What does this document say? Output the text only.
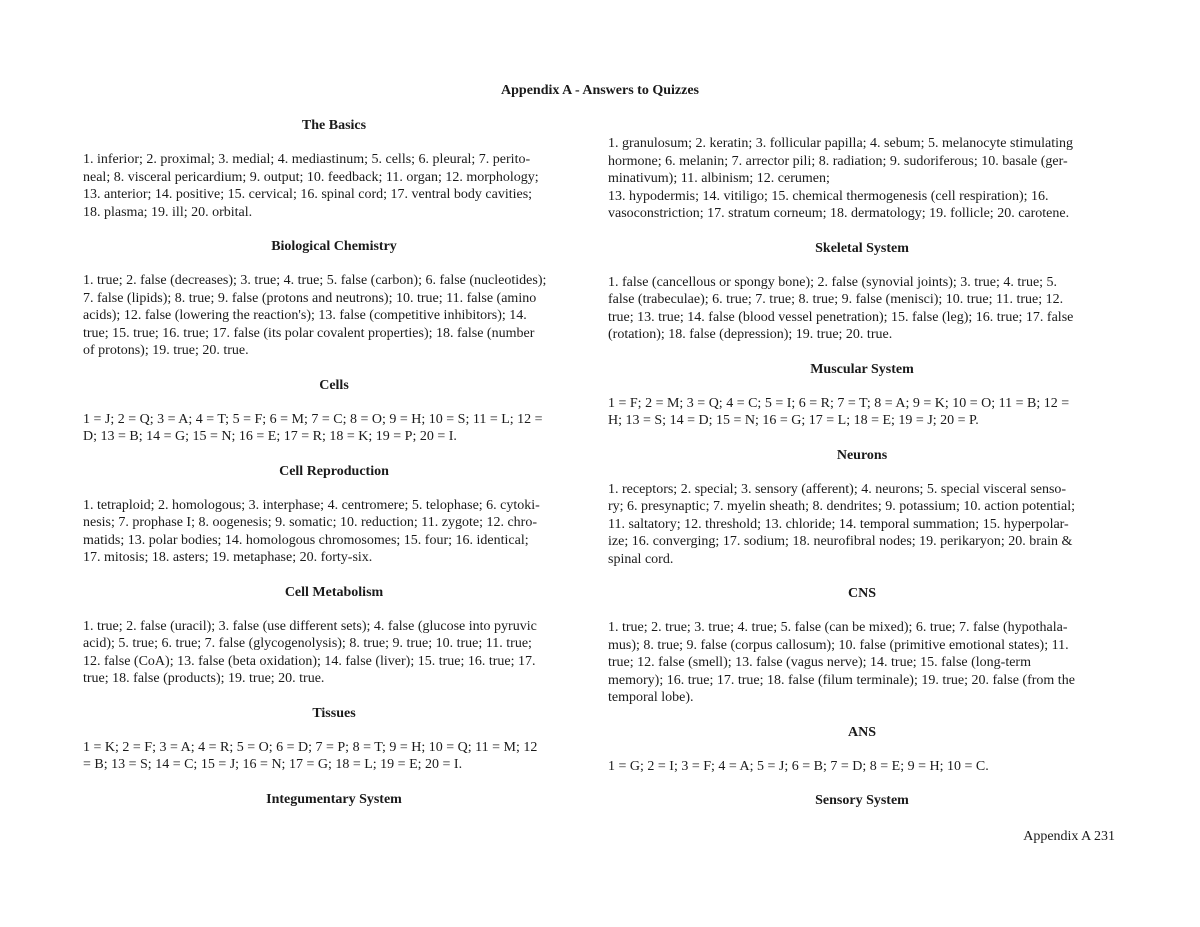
Appendix A - Answers to Quizzes
The Basics
1. inferior; 2. proximal; 3. medial; 4. mediastinum; 5. cells; 6. pleural; 7. perito-
neal; 8. visceral pericardium; 9. output; 10. feedback; 11. organ; 12. morphology;
13. anterior; 14. positive; 15. cervical; 16. spinal cord; 17. ventral body cavities;
18. plasma; 19. ill; 20. orbital.
Biological Chemistry
1. true; 2. false (decreases); 3. true; 4. true; 5. false (carbon); 6. false (nucleotides);
7. false (lipids); 8. true; 9. false (protons and neutrons); 10. true; 11. false (amino
acids); 12. false (lowering the reaction's); 13. false (competitive inhibitors); 14.
true; 15. true; 16. true; 17. false (its polar covalent properties); 18. false (number
of protons); 19. true; 20. true.
Cells
1 = J; 2 = Q; 3 = A; 4 = T; 5 = F; 6 = M; 7 = C; 8 = O; 9 = H; 10 = S; 11 = L; 12 =
D; 13 = B; 14 = G; 15 = N; 16 = E; 17 = R; 18 = K; 19 = P; 20 = I.
Cell Reproduction
1. tetraploid; 2. homologous; 3. interphase; 4. centromere; 5. telophase; 6. cytoki-
nesis; 7. prophase I; 8. oogenesis; 9. somatic; 10. reduction; 11. zygote; 12. chro-
matids; 13. polar bodies; 14. homologous chromosomes; 15. four; 16. identical;
17. mitosis; 18. asters; 19. metaphase; 20. forty-six.
Cell Metabolism
1. true; 2. false (uracil); 3. false (use different sets); 4. false (glucose into pyruvic
acid); 5. true; 6. true; 7. false (glycogenolysis); 8. true; 9. true; 10. true; 11. true;
12. false (CoA); 13. false (beta oxidation); 14. false (liver); 15. true; 16. true; 17.
true; 18. false (products); 19. true; 20. true.
Tissues
1 = K; 2 = F; 3 = A; 4 = R; 5 = O; 6 = D; 7 = P; 8 = T; 9 = H; 10 = Q; 11 = M; 12
= B; 13 = S; 14 = C; 15 = J; 16 = N; 17 = G; 18 = L; 19 = E; 20 = I.
Integumentary System
1. granulosum; 2. keratin; 3. follicular papilla; 4. sebum; 5. melanocyte stimulating
hormone; 6. melanin; 7. arrector pili; 8. radiation; 9. sudoriferous; 10. basale (ger-
minativum); 11. albinism; 12. cerumen;
13. hypodermis; 14. vitiligo; 15. chemical thermogenesis (cell respiration); 16.
vasoconstriction; 17. stratum corneum; 18. dermatology; 19. follicle; 20. carotene.
Skeletal System
1. false (cancellous or spongy bone); 2. false (synovial joints); 3. true; 4. true; 5.
false (trabeculae); 6. true; 7. true; 8. true; 9. false (menisci); 10. true; 11. true; 12.
true; 13. true; 14. false (blood vessel penetration); 15. false (leg); 16. true; 17. false
(rotation); 18. false (depression); 19. true; 20. true.
Muscular System
1 = F; 2 = M; 3 = Q; 4 = C; 5 = I; 6 = R; 7 = T; 8 = A; 9 = K; 10 = O; 11 = B; 12 =
H; 13 = S; 14 = D; 15 = N; 16 = G; 17 = L; 18 = E; 19 = J; 20 = P.
Neurons
1. receptors; 2. special; 3. sensory (afferent); 4. neurons; 5. special visceral senso-
ry; 6. presynaptic; 7. myelin sheath; 8. dendrites; 9. potassium; 10. action potential;
11. saltatory; 12. threshold; 13. chloride; 14. temporal summation; 15. hyperpolar-
ize; 16. converging; 17. sodium; 18. neurofibral nodes; 19. perikaryon; 20. brain &
spinal cord.
CNS
1. true; 2. true; 3. true; 4. true; 5. false (can be mixed); 6. true; 7. false (hypothala-
mus); 8. true; 9. false (corpus callosum); 10. false (primitive emotional states); 11.
true; 12. false (smell); 13. false (vagus nerve); 14. true; 15. false (long-term
memory); 16. true; 17. true; 18. false (filum terminale); 19. true; 20. false (from the
temporal lobe).
ANS
1 = G; 2 = I; 3 = F; 4 = A; 5 = J; 6 = B; 7 = D; 8 = E; 9 = H; 10 = C.
Sensory System
Appendix A 231
